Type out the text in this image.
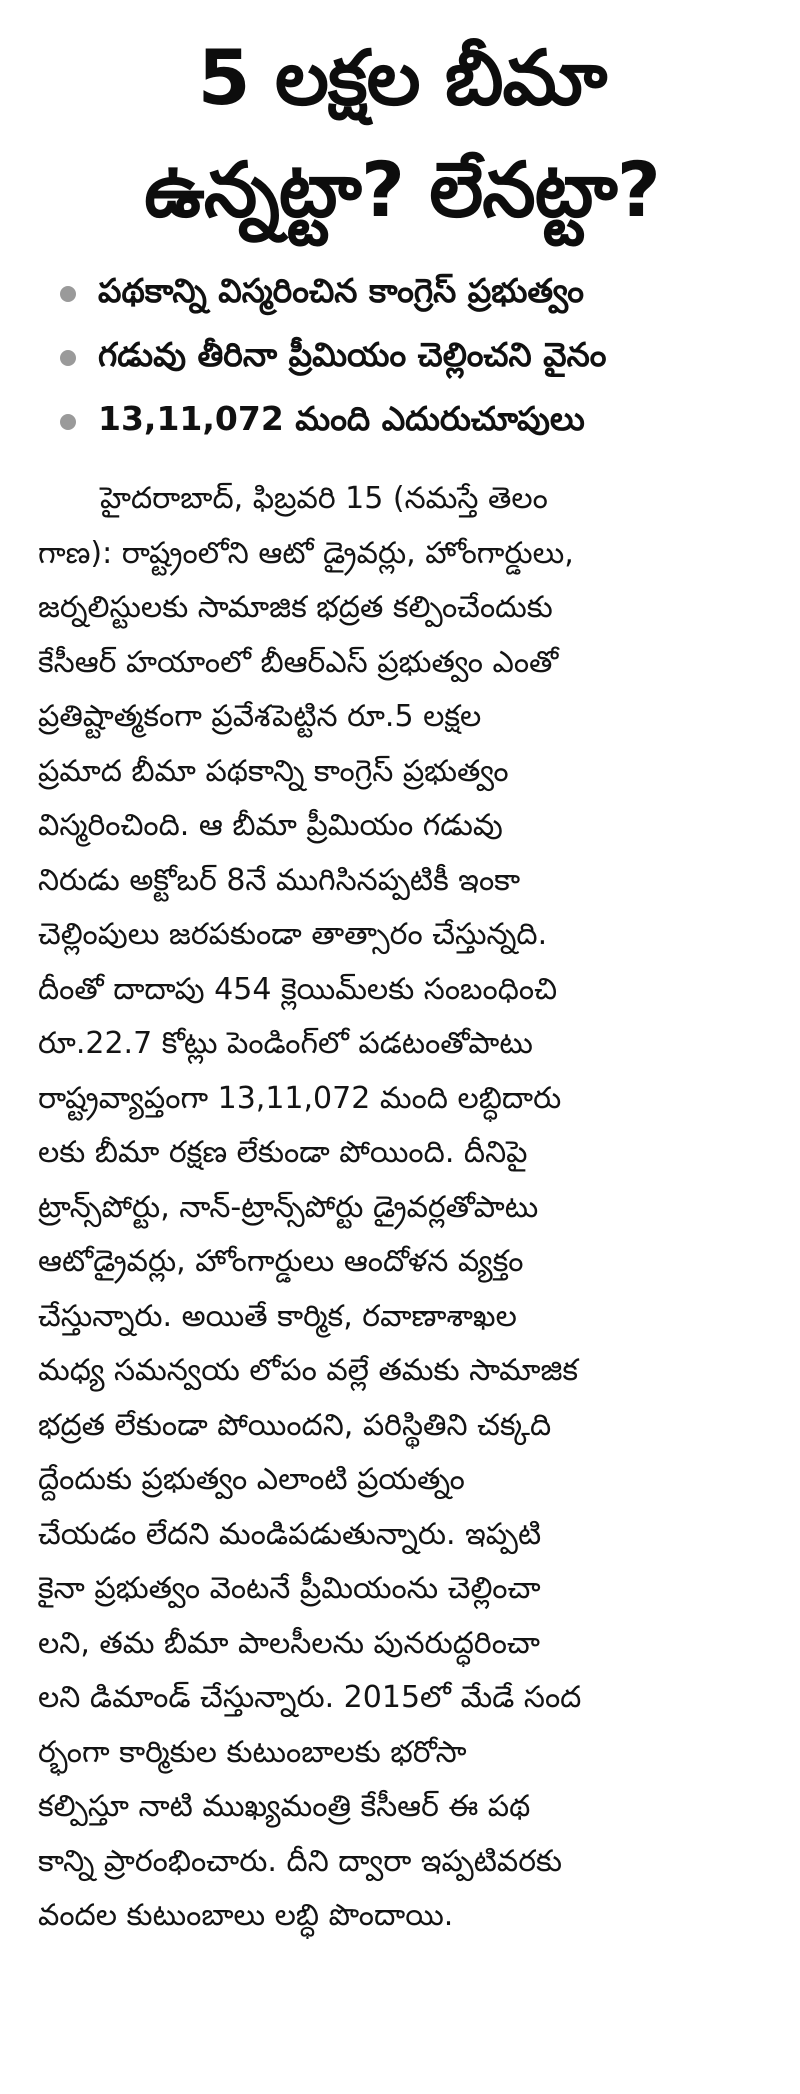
5 లక్షల బీమా
ఉన్నట్టా? లేనట్టా?
పథకాన్ని విస్మరించిన కాంగ్రెస్ ప్రభుత్వం
గడువు తీరినా ప్రీమియం చెల్లించని వైనం
13,11,072 మంది ఎదురుచూపులు
హైదరాబాద్, ఫిబ్రవరి 15 (నమస్తే తెలం
గాణ): రాష్ట్రంలోని ఆటో డ్రైవర్లు, హోంగార్డులు,
జర్నలిస్టులకు సామాజిక భద్రత కల్పించేందుకు
కేసీఆర్ హయాంలో బీఆర్ఎస్ ప్రభుత్వం ఎంతో
ప్రతిష్టాత్మకంగా ప్రవేశపెట్టిన రూ.5 లక్షల
ప్రమాద బీమా పథకాన్ని కాంగ్రెస్ ప్రభుత్వం
విస్మరించింది. ఆ బీమా ప్రీమియం గడువు
నిరుడు అక్టోబర్ 8నే ముగిసినప్పటికీ ఇంకా
చెల్లింపులు జరపకుండా తాత్సారం చేస్తున్నది.
దీంతో దాదాపు 454 క్లెయిమ్‌లకు సంబంధించి
రూ.22.7 కోట్లు పెండింగ్‌లో పడటంతోపాటు
రాష్ట్రవ్యాప్తంగా 13,11,072 మంది లబ్ధిదారు
లకు బీమా రక్షణ లేకుండా పోయింది. దీనిపై
ట్రాన్స్‌పోర్టు, నాన్-ట్రాన్స్‌పోర్టు డ్రైవర్లతోపాటు
ఆటోడ్రైవర్లు, హోంగార్డులు ఆందోళన వ్యక్తం
చేస్తున్నారు. అయితే కార్మిక, రవాణాశాఖల
మధ్య సమన్వయ లోపం వల్లే తమకు సామాజిక
భద్రత లేకుండా పోయిందని, పరిస్థితిని చక్కది
ద్దేందుకు ప్రభుత్వం ఎలాంటి ప్రయత్నం
చేయడం లేదని మండిపడుతున్నారు. ఇప్పటి
కైనా ప్రభుత్వం వెంటనే ప్రీమియంను చెల్లించా
లని, తమ బీమా పాలసీలను పునరుద్ధరించా
లని డిమాండ్ చేస్తున్నారు. 2015లో మేడే సంద
ర్భంగా కార్మికుల కుటుంబాలకు భరోసా
కల్పిస్తూ నాటి ముఖ్యమంత్రి కేసీఆర్ ఈ పథ
కాన్ని ప్రారంభించారు. దీని ద్వారా ఇప్పటివరకు
వందల కుటుంబాలు లబ్ధి పొందాయి.
